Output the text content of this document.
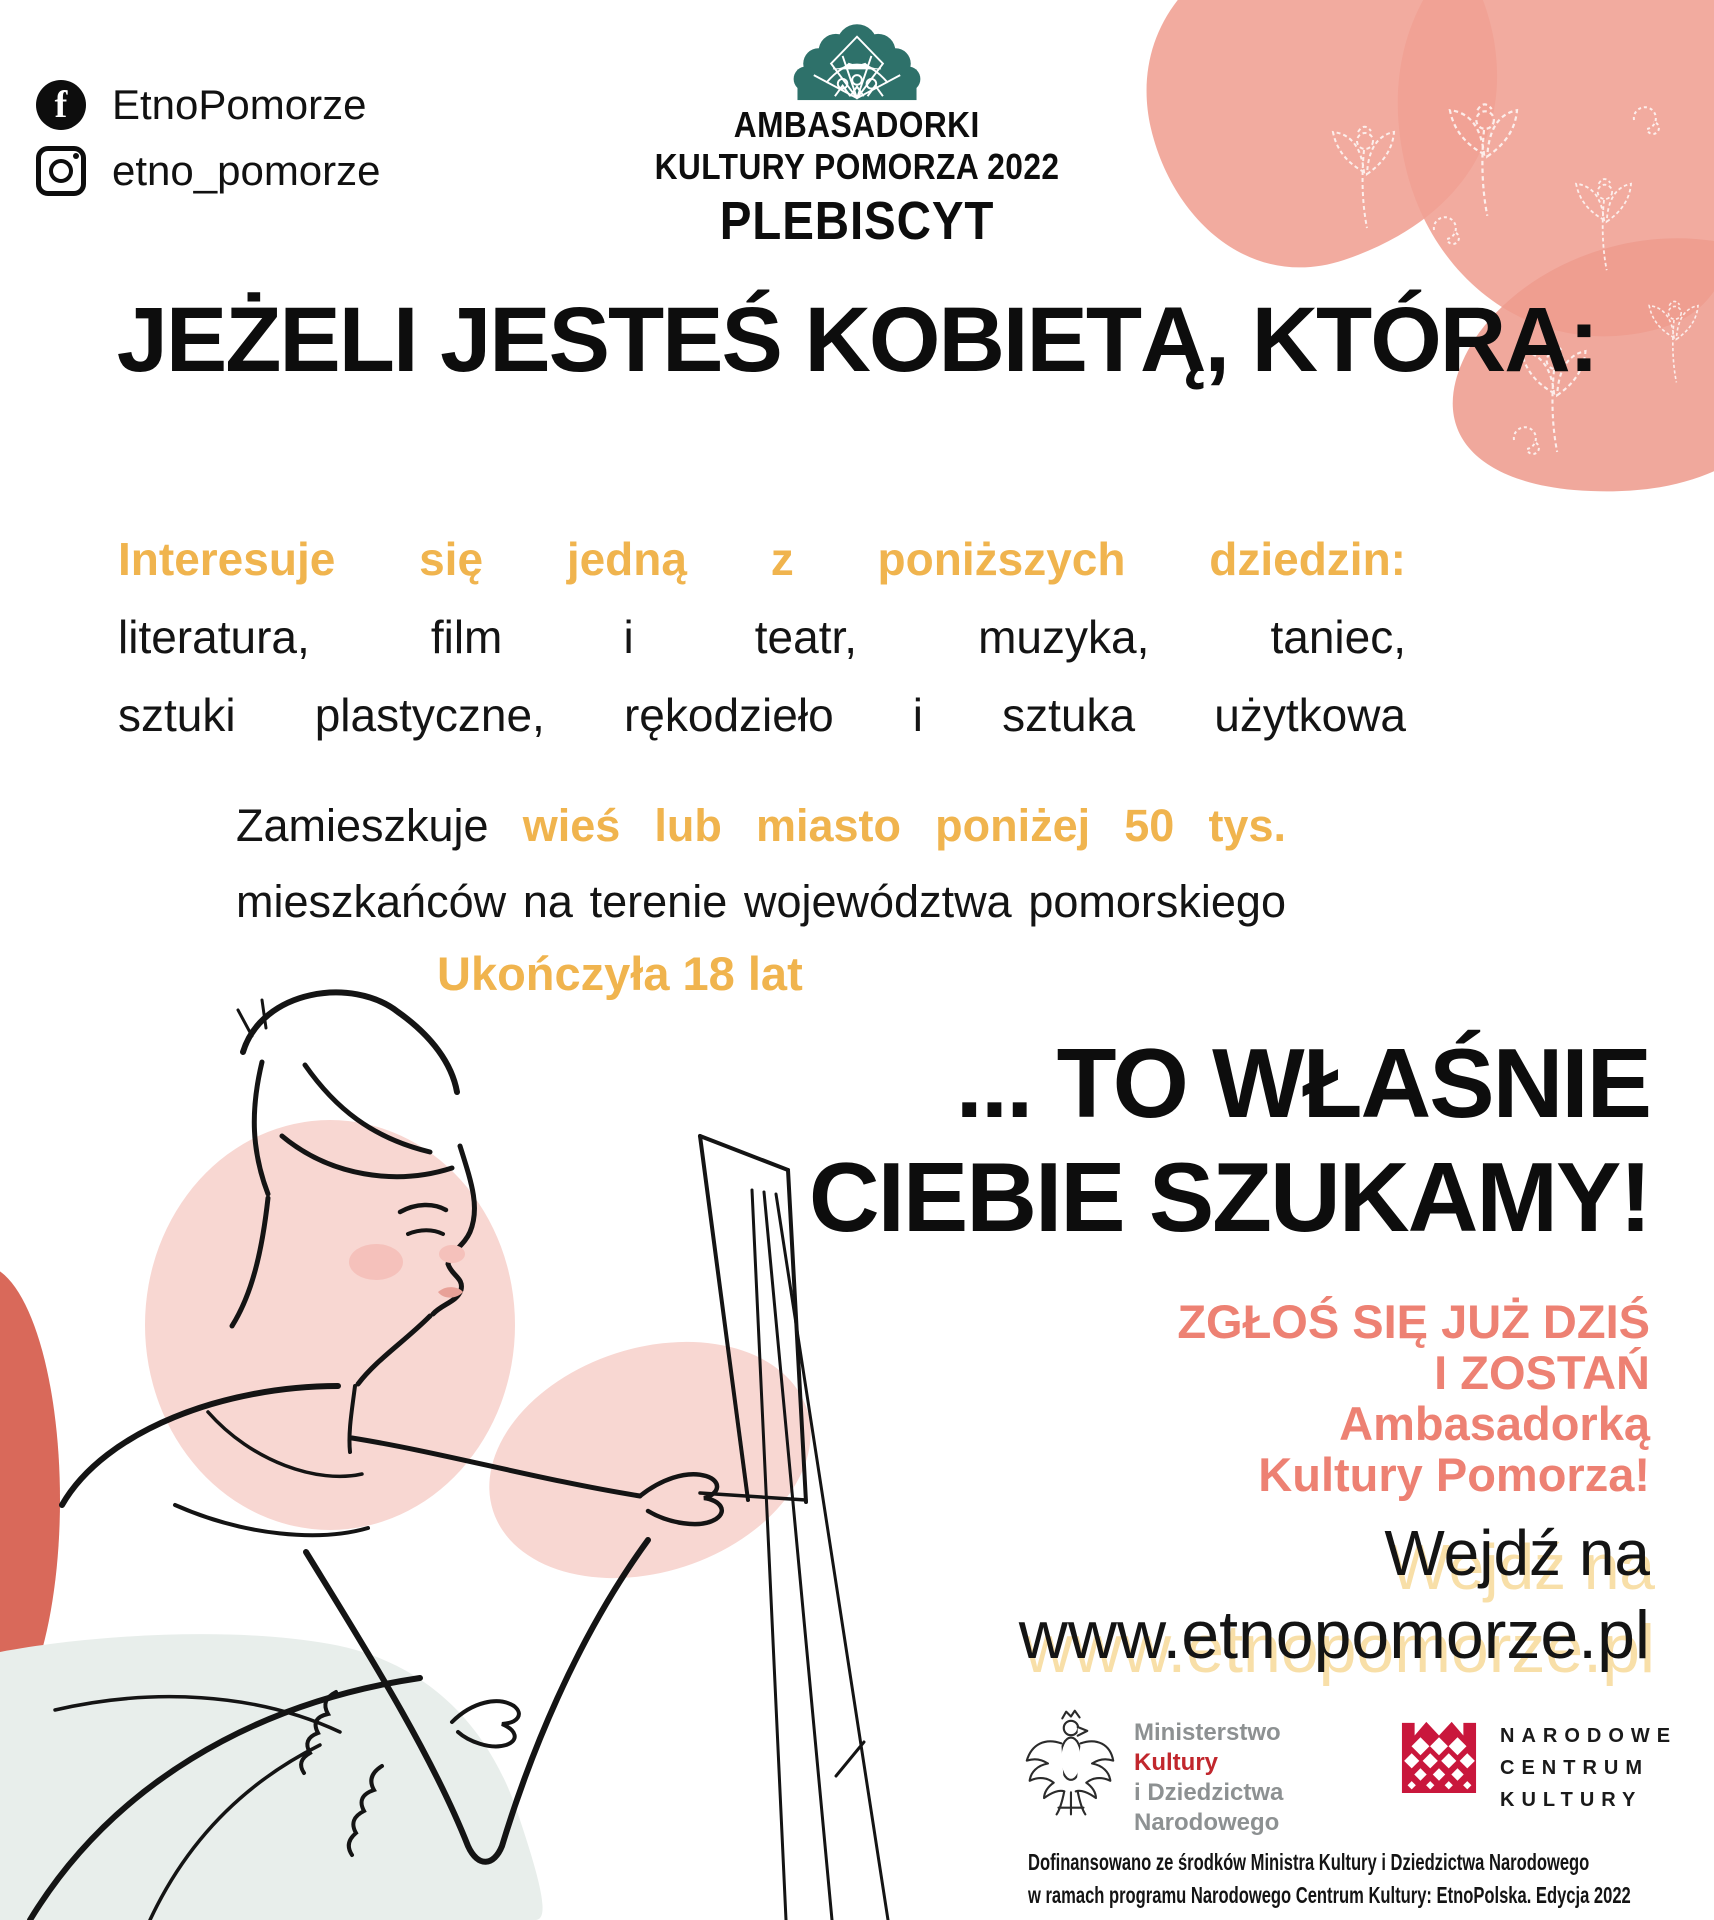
f	EtnoPomorze
etno_pomorze
AMBASADORKI
KULTURY POMORZA 2022
PLEBISCYT
JEŻELI JESTEŚ KOBIETĄ, KTÓRA:
Interesuje się jedną z poniższych dziedzin:
literatura, film i teatr, muzyka, taniec,
sztuki plastyczne, rękodzieło i sztuka użytkowa
Zamieszkuje wieś lub miasto poniżej 50 tys.
mieszkańców na terenie województwa pomorskiego
Ukończyła 18 lat
... TO WŁAŚNIE
CIEBIE SZUKAMY!
ZGŁOŚ SIĘ JUŻ DZIŚ
I ZOSTAŃ
Ambasadorką
Kultury Pomorza!
Wejdź na
www.etnopomorze.pl
Ministerstwo
Kultury
i Dziedzictwa
Narodowego
NARODOWE
CENTRUM
KULTURY
Dofinansowano ze środków Ministra Kultury i Dziedzictwa Narodowego
w ramach programu Narodowego Centrum Kultury: EtnoPolska. Edycja 2022
